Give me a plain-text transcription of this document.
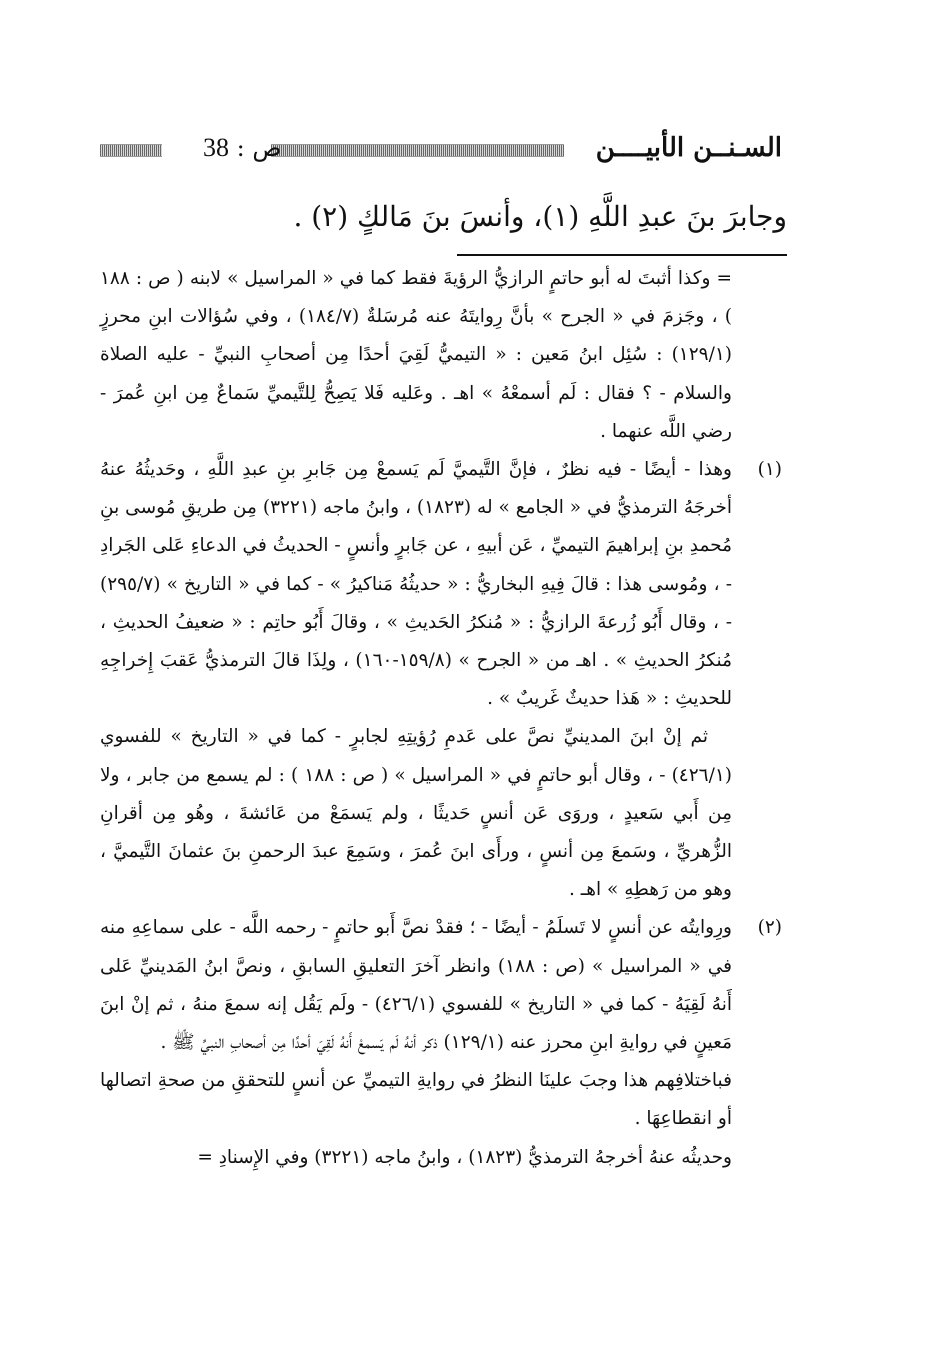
السـنــن الأبيــــن
ص : 38
وجابرَ بنَ عبدِ اللَّهِ (١)، وأنسَ بنَ مَالكٍ (٢) .

= وكذا أثبتَ له أبو حاتمٍ الرازيُّ الرؤيةَ فقط كما في « المراسيل » لابنه ( ص : ١٨٨ ) ، وجَزمَ في « الجرح » بأنَّ رِوايتَهُ عنه مُرسَلةٌ (١٨٤/٧) ، وفي سُؤالات ابنِ محرزٍ (١٢٩/١) : سُئِل ابنُ مَعين : « التيميُّ لَقِيَ أحدًا مِن أصحابِ النبيِّ - عليه الصلاة والسلام - ؟ فقال : لَم أسمعْهُ » اهـ . وعَليه فَلا يَصِحُّ لِلتَّيميِّ سَماعٌ مِن ابنِ عُمرَ - رضي اللَّه عنهما .

(١)

وهذا - أيضًا - فيه نظرٌ ، فإنَّ التَّيميَّ لَم يَسمعْ مِن جَابرِ بنِ عبدِ اللَّهِ ، وحَديثُهُ عنهُ أخرجَهُ الترمذيُّ في « الجامع » له (١٨٢٣) ، وابنُ ماجه (٣٢٢١) مِن طريقِ مُوسى بنِ مُحمدِ بنِ إبراهيمَ التيميِّ ، عَن أبيهِ ، عن جَابرٍ وأنسٍ - الحديثُ في الدعاءِ عَلى الجَرادِ - ، ومُوسى هذا : قالَ فِيهِ البخاريُّ : « حديثُهُ مَناكيرُ » - كما في « التاريخ » (٢٩٥/٧) - ، وقال أَبُو زُرعةَ الرازيُّ : « مُنكرُ الحَديثِ » ، وقالَ أَبُو حاتِم : « ضعيفُ الحديثِ ، مُنكرُ الحديثِ » . اهـ من « الجرح » (١٥٩/٨-١٦٠) ، ولِذَا قالَ الترمذيُّ عَقبَ إِخراجِهِ للحديثِ : « هَذا حديثٌ غَريبٌ » .

ثم إنْ ابنَ المدينيِّ نصَّ على عَدمِ رُؤيتِهِ لجابرٍ - كما في « التاريخ » للفسوي (٤٢٦/١) - ، وقال أبو حاتمٍ في « المراسيل » ( ص : ١٨٨ ) : لم يسمع من جابر ، ولا مِن أَبي سَعيدٍ ، وروَى عَن أنسٍ حَديثًا ، ولم يَسمَعْ من عَائشةَ ، وهُو مِن أقرانِ الزُّهريِّ ، وسَمعَ مِن أنسٍ ، ورأَى ابنَ عُمرَ ، وسَمِعَ عبدَ الرحمنِ بنَ عثمانَ التَّيميَّ ، وهو من رَهطِهِ » اهـ .

(٢)

ورِوايتُه عن أنسٍ لا تَسلَمُ - أيضًا - ؛ فقدْ نصَّ أَبو حاتمٍ - رحمه اللَّه - على سماعِهِ منه في « المراسيل » (ص : ١٨٨) وانظر آخرَ التعليقِ السابقِ ، ونصَّ ابنُ المَدينيِّ عَلى أَنهُ لَقِيَهُ - كما في « التاريخ » للفسوي (٤٢٦/١) - ولَم يَقُل إنه سمعَ منهُ ، ثم إنْ ابنَ مَعينٍ في روايةِ ابنِ محرز عنه (١٢٩/١) ذكر أنهُ لَم يَسمعْ أَنهُ لَقِيَ أحدًا مِن أصحابِ النبيِّ ﷺ .

فباختلافِهم هذا وجبَ علينَا النظرُ في روايةِ التيميِّ عن أنسٍ للتحققِ من صحةِ اتصالها أو انقطاعِهَا .

وحديثُه عنهُ أخرجهُ الترمذيُّ (١٨٢٣) ، وابنُ ماجه (٣٢٢١) وفي الإِسنادِ =
